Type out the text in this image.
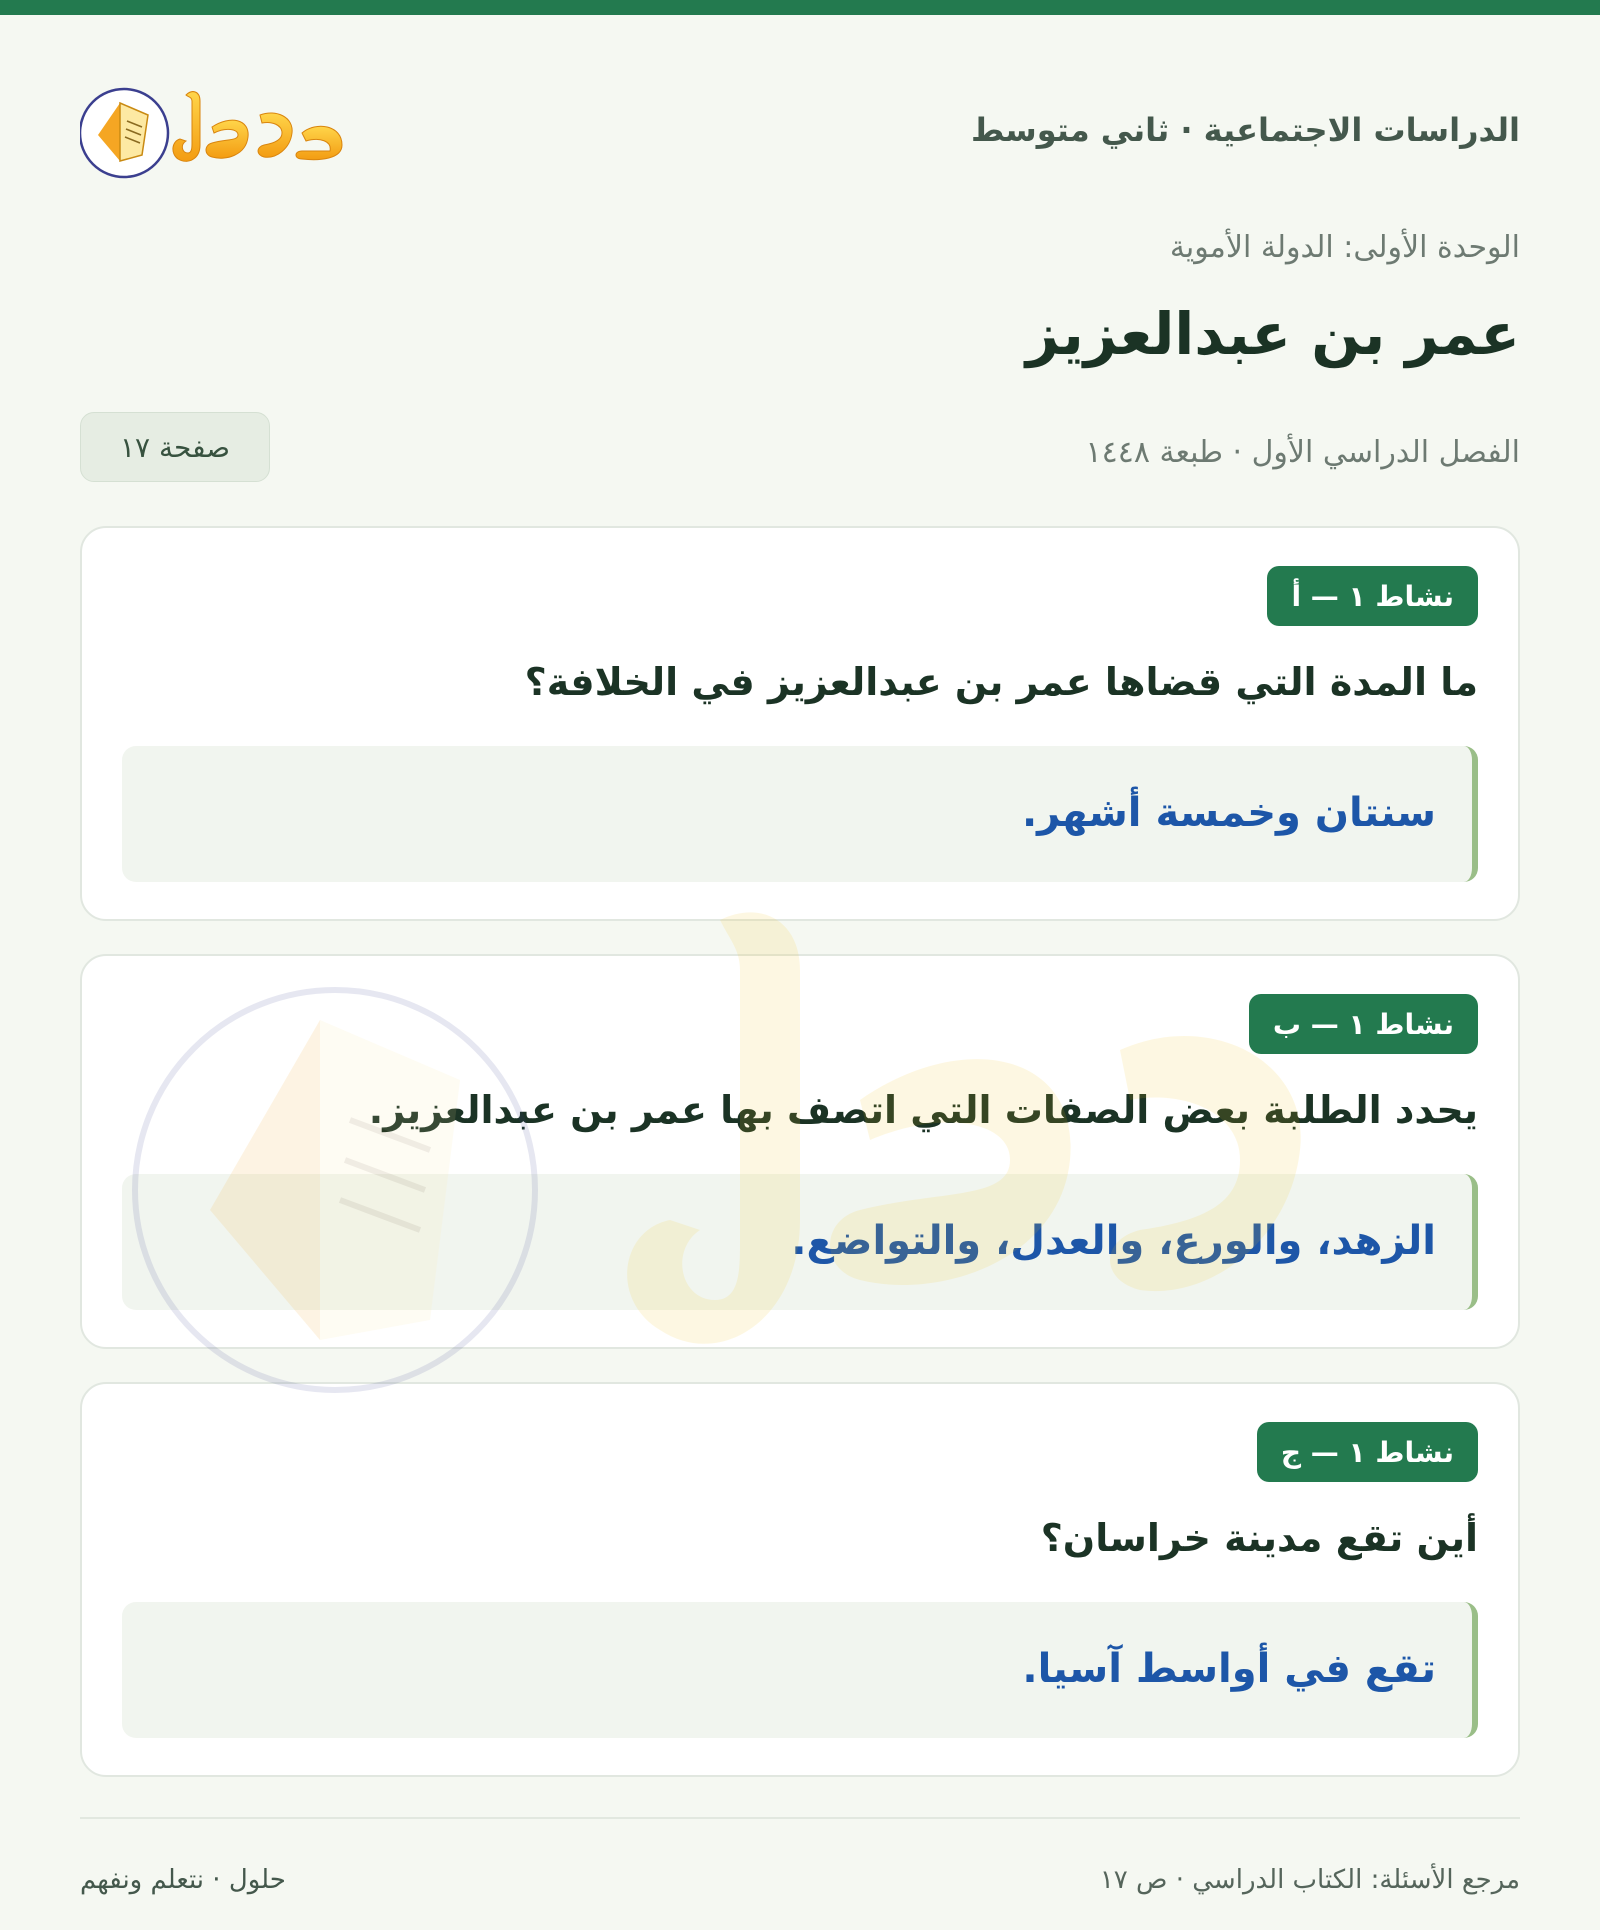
الدراسات الاجتماعية · ثاني متوسط
الوحدة الأولى: الدولة الأموية
عمر بن عبدالعزيز
الفصل الدراسي الأول · طبعة ١٤٤٨
صفحة ١٧
نشاط ١ — أ
ما المدة التي قضاها عمر بن عبدالعزيز في الخلافة؟
سنتان وخمسة أشهر.
نشاط ١ — ب
يحدد الطلبة بعض الصفات التي اتصف بها عمر بن عبدالعزيز.
الزهد، والورع، والعدل، والتواضع.
نشاط ١ — ج
أين تقع مدينة خراسان؟
تقع في أواسط آسيا.
مرجع الأسئلة: الكتاب الدراسي · ص ١٧
حلول · نتعلم ونفهم
